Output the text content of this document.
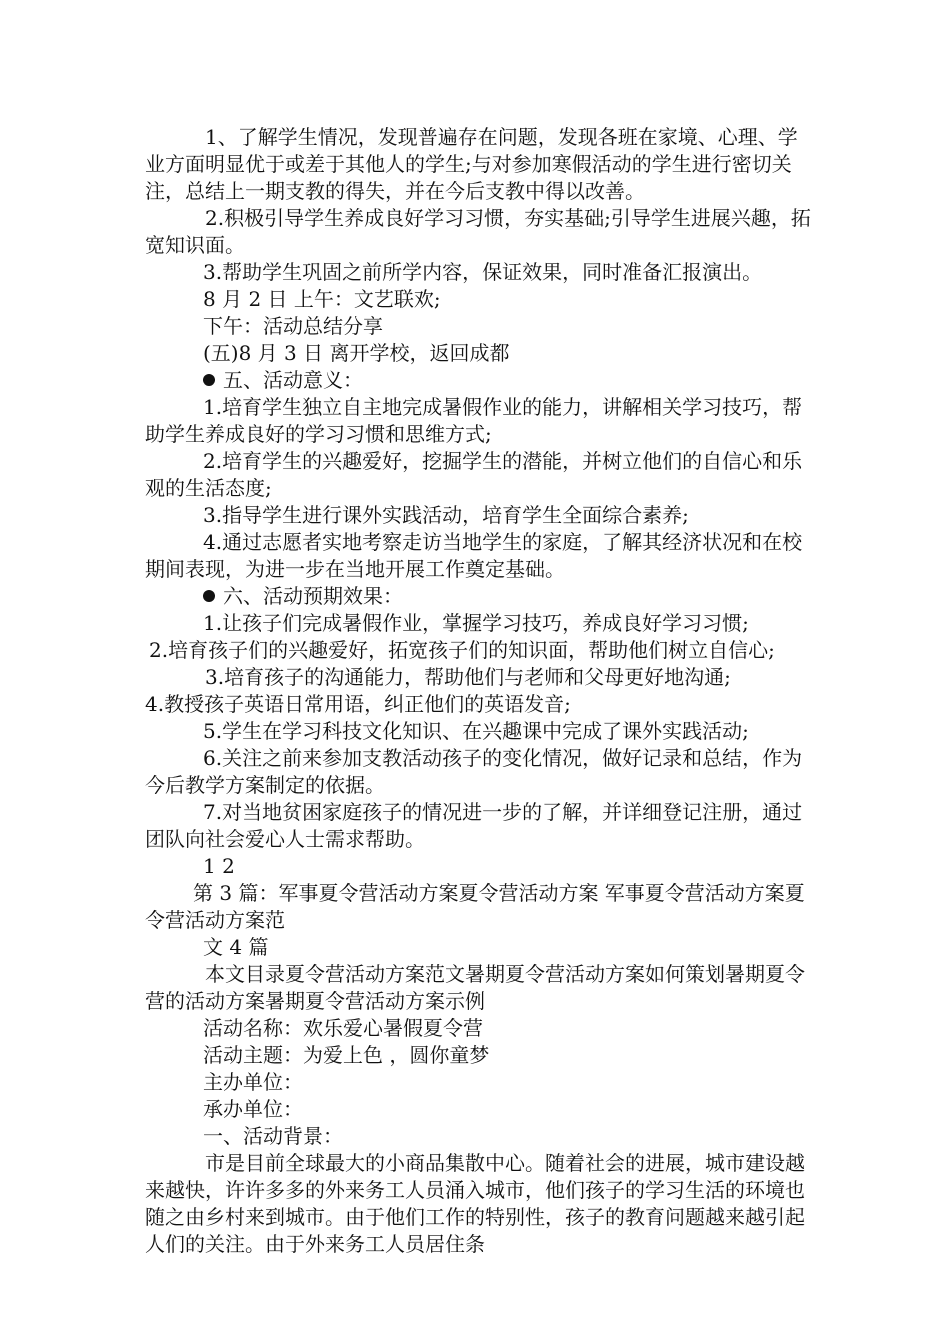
1、了解学生情况，发现普遍存在问题，发现各班在家境、心理、学业方面明显优于或差于其他人的学生;与对参加寒假活动的学生进行密切关注，总结上一期支教的得失，并在今后支教中得以改善。

2.积极引导学生养成良好学习习惯，夯实基础;引导学生进展兴趣，拓宽知识面。

3.帮助学生巩固之前所学内容，保证效果，同时准备汇报演出。

8 月 2 日 上午：文艺联欢;

下午：活动总结分享

(五)8 月 3 日 离开学校，返回成都

五、活动意义：

1.培育学生独立自主地完成暑假作业的能力，讲解相关学习技巧，帮助学生养成良好的学习习惯和思维方式;

2.培育学生的兴趣爱好，挖掘学生的潜能，并树立他们的自信心和乐观的生活态度;

3.指导学生进行课外实践活动，培育学生全面综合素养;

4.通过志愿者实地考察走访当地学生的家庭，了解其经济状况和在校期间表现，为进一步在当地开展工作奠定基础。

六、活动预期效果：

1.让孩子们完成暑假作业，掌握学习技巧，养成良好学习习惯;

2.培育孩子们的兴趣爱好，拓宽孩子们的知识面，帮助他们树立自信心;

3.培育孩子的沟通能力，帮助他们与老师和父母更好地沟通;

4.教授孩子英语日常用语，纠正他们的英语发音;

5.学生在学习科技文化知识、在兴趣课中完成了课外实践活动;

6.关注之前来参加支教活动孩子的变化情况，做好记录和总结，作为今后教学方案制定的依据。

7.对当地贫困家庭孩子的情况进一步的了解，并详细登记注册，通过团队向社会爱心人士需求帮助。

1 2

第 3 篇：军事夏令营活动方案夏令营活动方案 军事夏令营活动方案夏令营活动方案范

文 4 篇

本文目录夏令营活动方案范文暑期夏令营活动方案如何策划暑期夏令营的活动方案暑期夏令营活动方案示例

活动名称：欢乐爱心暑假夏令营

活动主题：为爱上色 ，圆你童梦

主办单位：

承办单位：

一、活动背景：

市是目前全球最大的小商品集散中心。随着社会的进展，城市建设越来越快，许许多多的外来务工人员涌入城市，他们孩子的学习生活的环境也随之由乡村来到城市。由于他们工作的特别性，孩子的教育问题越来越引起人们的关注。由于外来务工人员居住条
